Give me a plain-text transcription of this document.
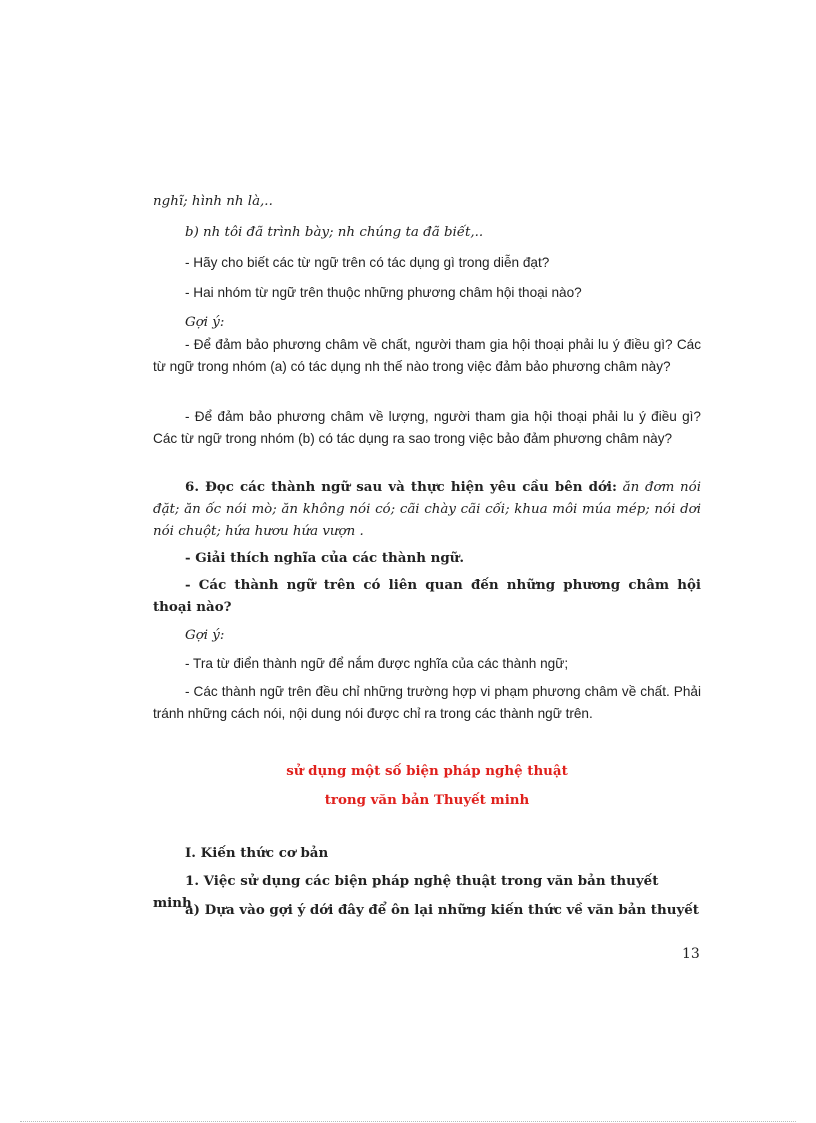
nghĩ; hình nh là,..

b) nh tôi đã trình bày; nh chúng ta đã biết,..

- Hãy cho biết các từ ngữ trên có tác dụng gì trong diễn đạt?

- Hai nhóm từ ngữ trên thuộc những phương châm hội thoại nào?

Gợi ý:

- Để đảm bảo phương châm về chất, người tham gia hội thoại phải lu ý điều gì? Các từ ngữ trong nhóm (a) có tác dụng nh thế nào trong việc đảm bảo phương châm này?

- Để đảm bảo phương châm về lượng, người tham gia hội thoại phải lu ý điều gì? Các từ ngữ trong nhóm (b) có tác dụng ra sao trong việc bảo đảm phương châm này?

6. Đọc các thành ngữ sau và thực hiện yêu cầu bên dới: ăn đơm nói đặt; ăn ốc nói mò; ăn không nói có; cãi chày cãi cối; khua môi múa mép; nói dơi nói chuột; hứa hươu hứa vượn .

- Giải thích nghĩa của các thành ngữ.

- Các thành ngữ trên có liên quan đến những phương châm hội thoại nào?

Gợi ý:

- Tra từ điển thành ngữ để nắm được nghĩa của các thành ngữ;

- Các thành ngữ trên đều chỉ những trường hợp vi phạm phương châm về chất. Phải tránh những cách nói, nội dung nói được chỉ ra trong các thành ngữ trên.

sử dụng một số biện pháp nghệ thuật

trong văn bản Thuyết minh

I. Kiến thức cơ bản

1. Việc sử dụng các biện pháp nghệ thuật trong văn bản thuyết minh

a) Dựa vào gợi ý dới đây để ôn lại những kiến thức về văn bản thuyết

13
